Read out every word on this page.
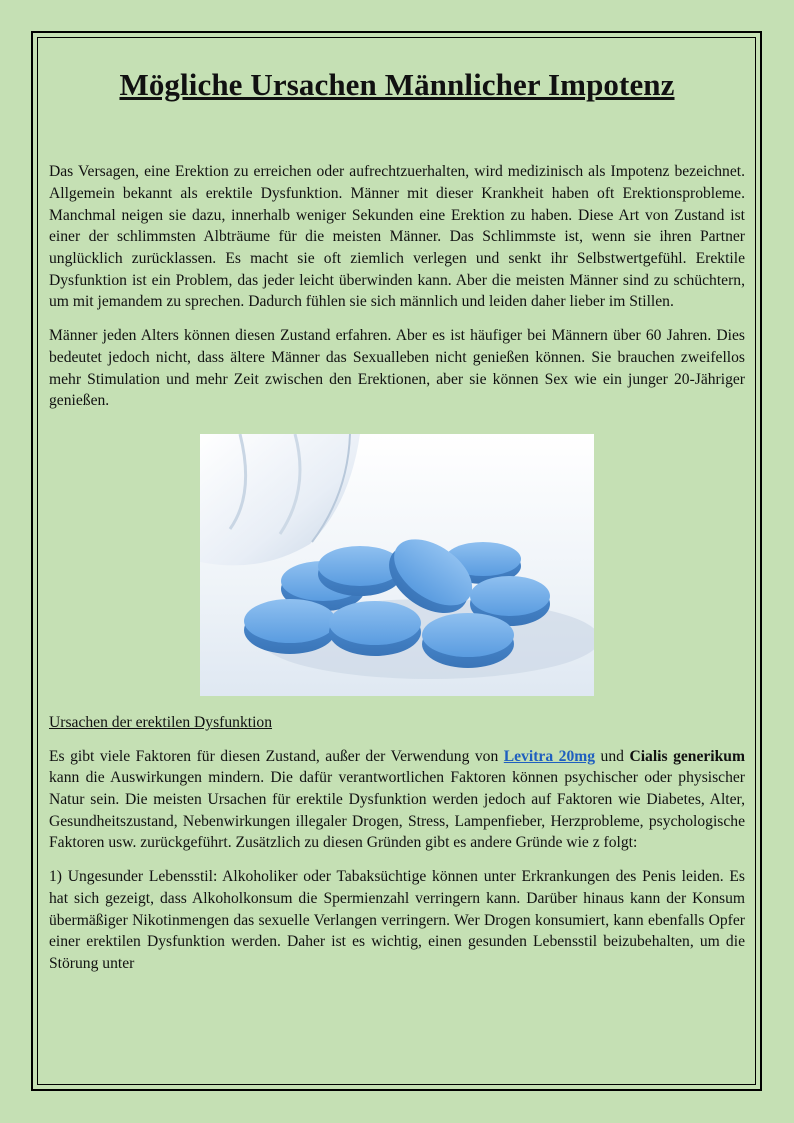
Mögliche Ursachen Männlicher Impotenz

Das Versagen, eine Erektion zu erreichen oder aufrechtzuerhalten, wird medizinisch als Impotenz bezeichnet. Allgemein bekannt als erektile Dysfunktion. Männer mit dieser Krankheit haben oft Erektionsprobleme. Manchmal neigen sie dazu, innerhalb weniger Sekunden eine Erektion zu haben. Diese Art von Zustand ist einer der schlimmsten Albträume für die meisten Männer. Das Schlimmste ist, wenn sie ihren Partner unglücklich zurücklassen. Es macht sie oft ziemlich verlegen und senkt ihr Selbstwertgefühl. Erektile Dysfunktion ist ein Problem, das jeder leicht überwinden kann. Aber die meisten Männer sind zu schüchtern, um mit jemandem zu sprechen. Dadurch fühlen sie sich männlich und leiden daher lieber im Stillen.

Männer jeden Alters können diesen Zustand erfahren. Aber es ist häufiger bei Männern über 60 Jahren. Dies bedeutet jedoch nicht, dass ältere Männer das Sexualleben nicht genießen können. Sie brauchen zweifellos mehr Stimulation und mehr Zeit zwischen den Erektionen, aber sie können Sex wie ein junger 20-Jähriger genießen.

Ursachen der erektilen Dysfunktion

Es gibt viele Faktoren für diesen Zustand, außer der Verwendung von Levitra 20mg und Cialis generikum kann die Auswirkungen mindern. Die dafür verantwortlichen Faktoren können psychischer oder physischer Natur sein. Die meisten Ursachen für erektile Dysfunktion werden jedoch auf Faktoren wie Diabetes, Alter, Gesundheitszustand, Nebenwirkungen illegaler Drogen, Stress, Lampenfieber, Herzprobleme, psychologische Faktoren usw. zurückgeführt. Zusätzlich zu diesen Gründen gibt es andere Gründe wie z folgt:

1) Ungesunder Lebensstil: Alkoholiker oder Tabaksüchtige können unter Erkrankungen des Penis leiden. Es hat sich gezeigt, dass Alkoholkonsum die Spermienzahl verringern kann. Darüber hinaus kann der Konsum übermäßiger Nikotinmengen das sexuelle Verlangen verringern. Wer Drogen konsumiert, kann ebenfalls Opfer einer erektilen Dysfunktion werden. Daher ist es wichtig, einen gesunden Lebensstil beizubehalten, um die Störung unter
